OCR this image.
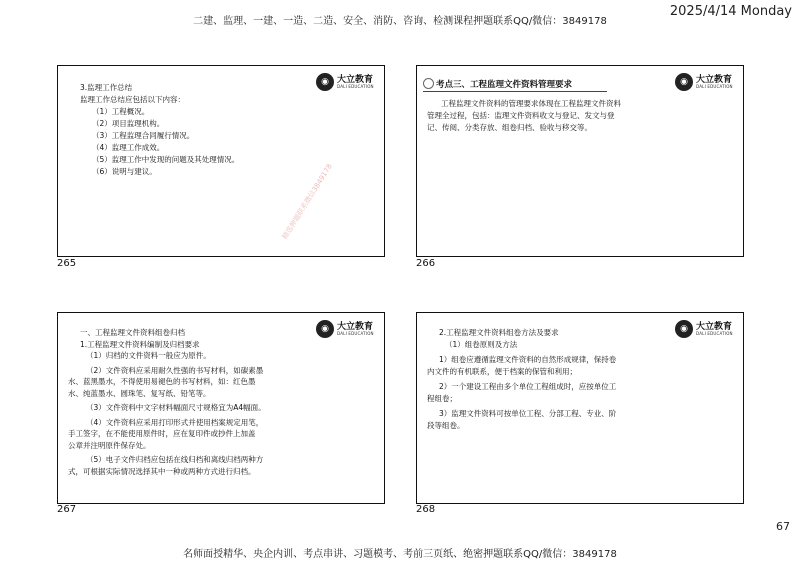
二建、监理、一建、一造、二造、安全、消防、咨询、检测课程押题联系QQ/微信：3849178
2025/4/14 Monday
◉ 大立教育
DALI EDUCATION

3.监理工作总结

监理工作总结应包括以下内容：

（1）工程概况。

（2）项目监理机构。

（3）工程监理合同履行情况。

（4）监理工作成效。

（5）监理工作中发现的问题及其处理情况。

（6）说明与建议。	精选押题联系微信3849178
265
◉ 大立教育
DALI EDUCATION
考点三、工程监理文件资料管理要求

工程监理文件资料的管理要求体现在工程监理文件资料

管理全过程，包括：监理文件资料收文与登记、发文与登

记、传阅、分类存放、组卷归档、验收与移交等。

266
◉ 大立教育
DALI EDUCATION

一、工程监理文件资料组卷归档

1.工程监理文件资料编制及归档要求

（1）归档的文件资料一般应为原件。

（2）文件资料应采用耐久性强的书写材料，如碳素墨

水、蓝黑墨水，不得使用易褪色的书写材料，如：红色墨

水、纯蓝墨水、圆珠笔、复写纸、铅笔等。

（3）文件资料中文字材料幅面尺寸规格宜为A4幅面。

（4）文件资料应采用打印形式并使用档案规定用笔，

手工签字，在不能使用原件时，应在复印件或抄件上加盖

公章并注明原件保存处。

（5）电子文件归档应包括在线归档和离线归档两种方

式，可根据实际情况选择其中一种或两种方式进行归档。

267
◉ 大立教育
DALI EDUCATION

2.工程监理文件资料组卷方法及要求

（1）组卷原则及方法

1）组卷应遵循监理文件资料的自然形成规律，保持卷

内文件的有机联系，便于档案的保管和利用；

2）一个建设工程由多个单位工程组成时，应按单位工

程组卷；

3）监理文件资料可按单位工程、分部工程、专业、阶

段等组卷。

268
67
名师面授精华、央企内训、考点串讲、习题模考、考前三页纸、绝密押题联系QQ/微信：3849178
